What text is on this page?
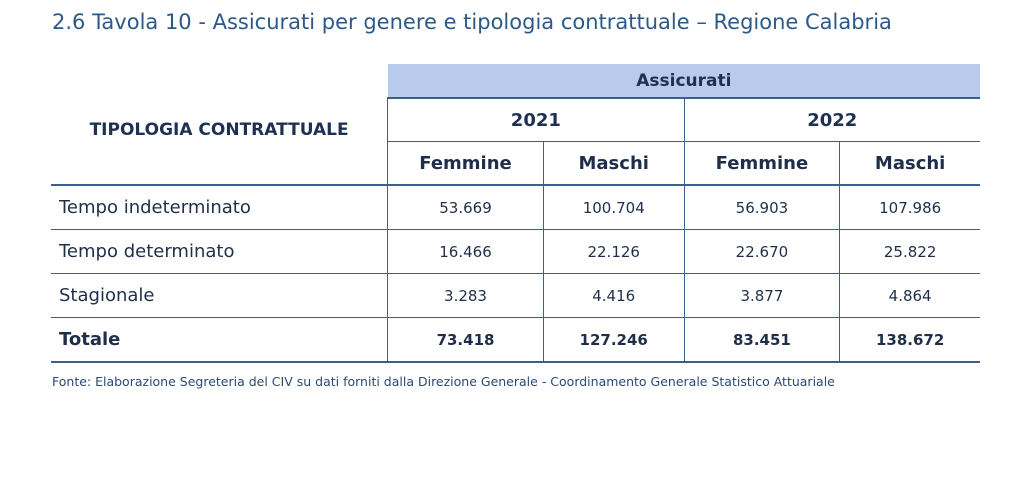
2.6 Tavola 10 - Assicurati per genere e tipologia contrattuale – Regione Calabria
	Assicurati			
TIPOLOGIA CONTRATTUALE	2021		2022	
	Femmine	Maschi	Femmine	Maschi
Tempo indeterminato	53.669	100.704	56.903	107.986
Tempo determinato	16.466	22.126	22.670	25.822
Stagionale	3.283	4.416	3.877	4.864
Totale	73.418	127.246	83.451	138.672
Fonte: Elaborazione Segreteria del CIV su dati forniti dalla Direzione Generale - Coordinamento Generale Statistico Attuariale
